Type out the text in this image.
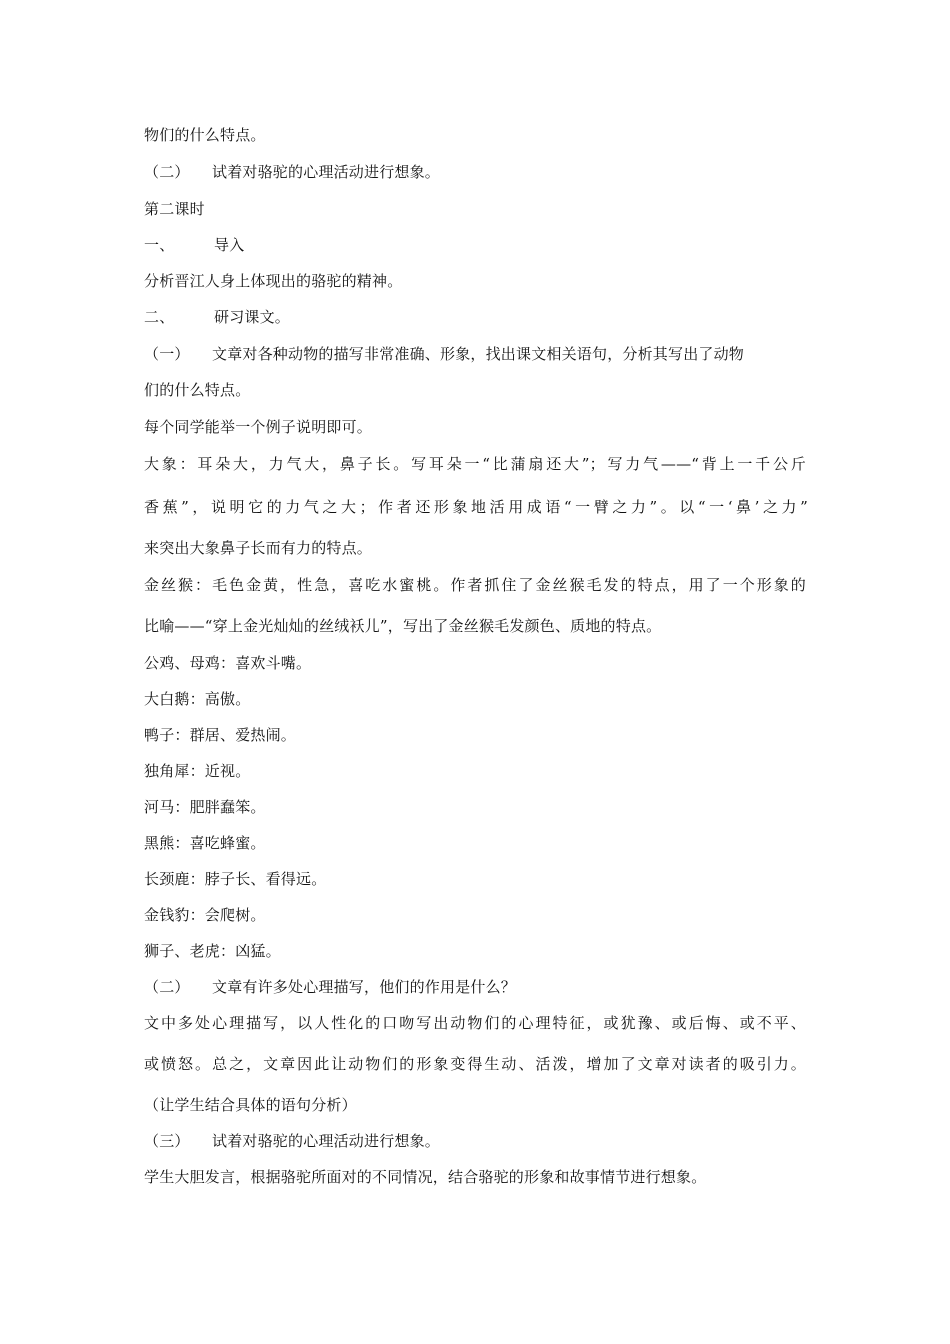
物们的什么特点。
（二） 试着对骆驼的心理活动进行想象。
第二课时
一、	导入
分析晋江人身上体现出的骆驼的精神。
二、	研习课文。
（一） 文章对各种动物的描写非常准确、形象，找出课文相关语句，分析其写出了动物
们的什么特点。
每个同学能举一个例子说明即可。
大象：耳朵大，力气大，鼻子长。写耳朵一“比蒲扇还大”；写力气——“背上一千公斤
香蕉”，说明它的力气之大；作者还形象地活用成语“一臂之力”。以“一‘鼻’之力”
来突出大象鼻子长而有力的特点。
金丝猴：毛色金黄，性急，喜吃水蜜桃。作者抓住了金丝猴毛发的特点，用了一个形象的
比喻——“穿上金光灿灿的丝绒袄儿”，写出了金丝猴毛发颜色、质地的特点。
公鸡、母鸡：喜欢斗嘴。
大白鹅：高傲。
鸭子：群居、爱热闹。
独角犀：近视。
河马：肥胖蠢笨。
黑熊：喜吃蜂蜜。
长颈鹿：脖子长、看得远。
金钱豹：会爬树。
狮子、老虎：凶猛。
（二） 文章有许多处心理描写，他们的作用是什么？
文中多处心理描写，以人性化的口吻写出动物们的心理特征，或犹豫、或后悔、或不平、
或愤怒。总之，文章因此让动物们的形象变得生动、活泼，增加了文章对读者的吸引力。
（让学生结合具体的语句分析）
（三） 试着对骆驼的心理活动进行想象。
学生大胆发言，根据骆驼所面对的不同情况，结合骆驼的形象和故事情节进行想象。
